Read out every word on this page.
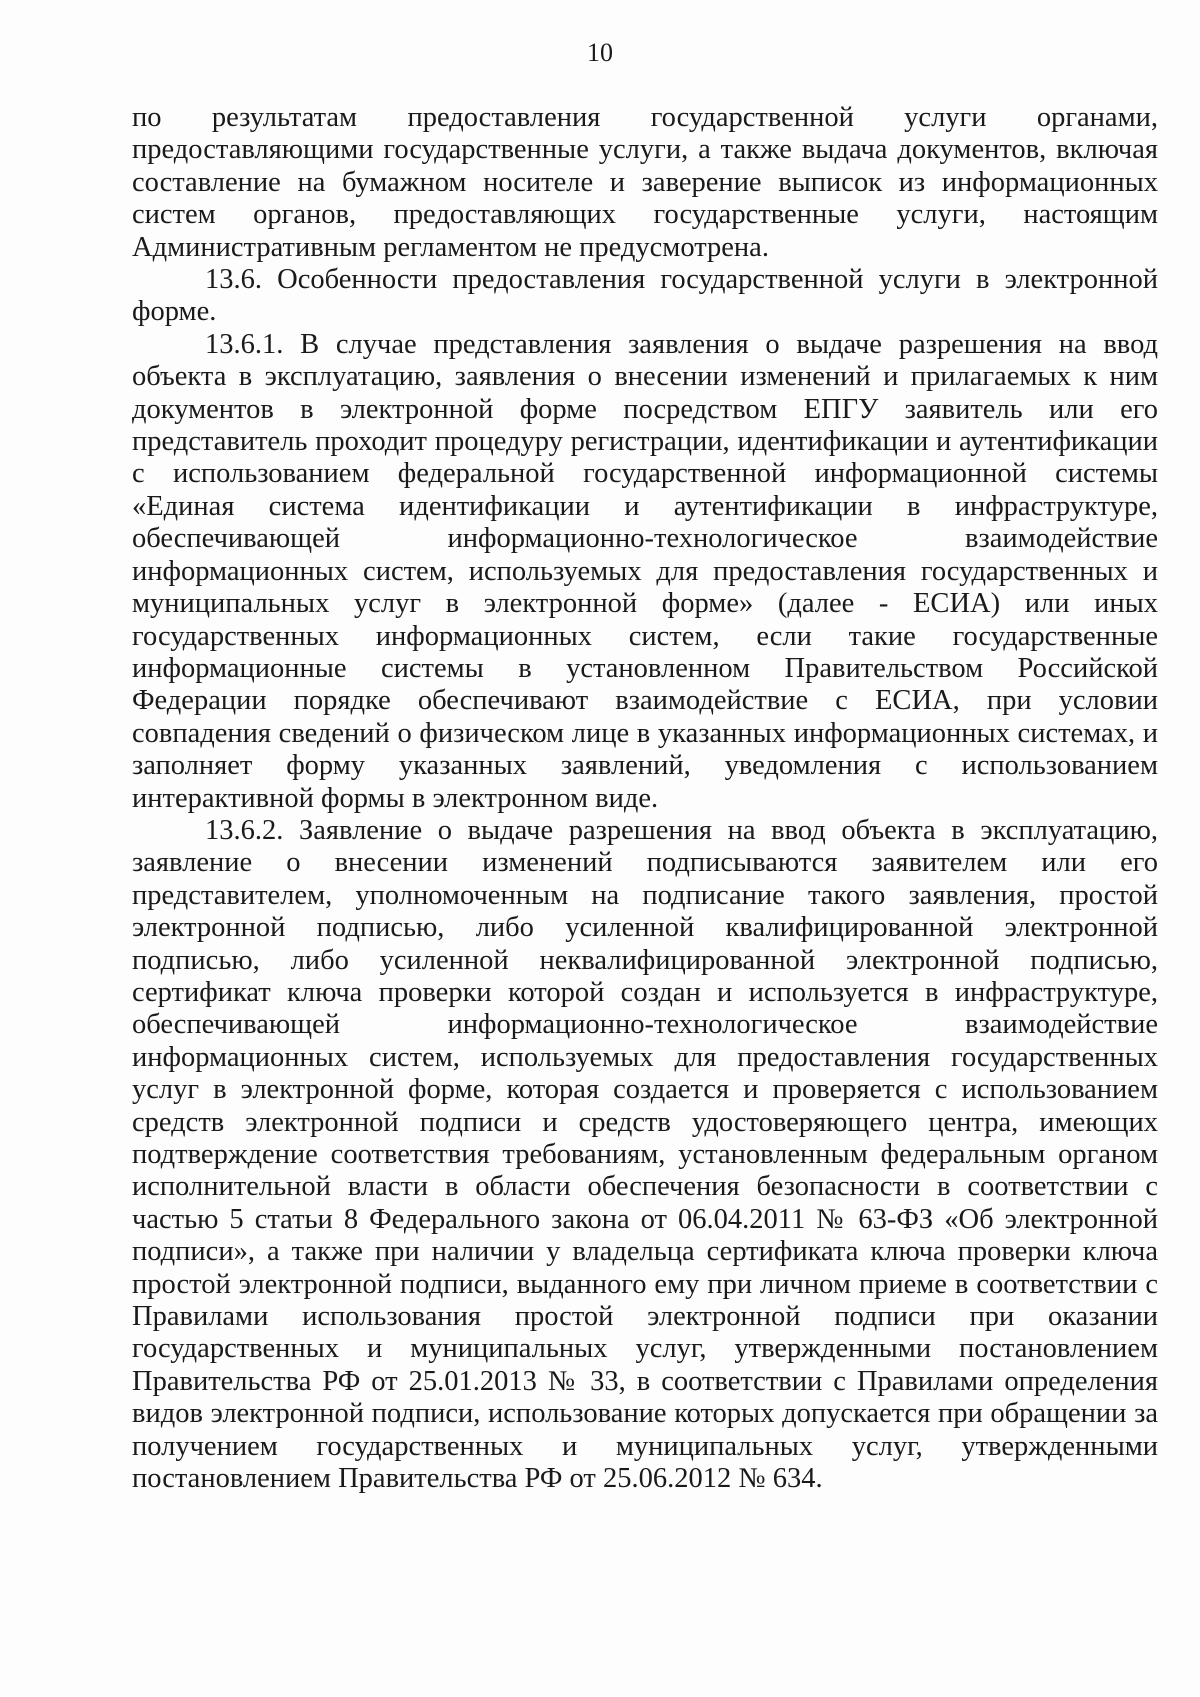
10

по результатам предоставления государственной услуги органами, предоставляющими государственные услуги, а также выдача документов, включая составление на бумажном носителе и заверение выписок из информационных систем органов, предоставляющих государственные услуги, настоящим Административным регламентом не предусмотрена.

13.6. Особенности предоставления государственной услуги в электронной форме.

13.6.1. В случае представления заявления о выдаче разрешения на ввод объекта в эксплуатацию, заявления о внесении изменений и прилагаемых к ним документов в электронной форме посредством ЕПГУ заявитель или его представитель проходит процедуру регистрации, идентификации и аутентификации с использованием федеральной государственной информационной системы «Единая система идентификации и аутентификации в инфраструктуре, обеспечивающей информационно-технологическое взаимодействие информационных систем, используемых для предоставления государственных и муниципальных услуг в электронной форме» (далее - ЕСИА) или иных государственных информационных систем, если такие государственные информационные системы в установленном Правительством Российской Федерации порядке обеспечивают взаимодействие с ЕСИА, при условии совпадения сведений о физическом лице в указанных информационных системах, и заполняет форму указанных заявлений, уведомления с использованием интерактивной формы в электронном виде.

13.6.2. Заявление о выдаче разрешения на ввод объекта в эксплуатацию, заявление о внесении изменений подписываются заявителем или его представителем, уполномоченным на подписание такого заявления, простой электронной подписью, либо усиленной квалифицированной электронной подписью, либо усиленной неквалифицированной электронной подписью, сертификат ключа проверки которой создан и используется в инфраструктуре, обеспечивающей информационно-технологическое взаимодействие информационных систем, используемых для предоставления государственных услуг в электронной форме, которая создается и проверяется с использованием средств электронной подписи и средств удостоверяющего центра, имеющих подтверждение соответствия требованиям, установленным федеральным органом исполнительной власти в области обеспечения безопасности в соответствии с частью 5 статьи 8 Федерального закона от 06.04.2011 № 63-ФЗ «Об электронной подписи», а также при наличии у владельца сертификата ключа проверки ключа простой электронной подписи, выданного ему при личном приеме в соответствии с Правилами использования простой электронной подписи при оказании государственных и муниципальных услуг, утвержденными постановлением Правительства РФ от 25.01.2013 № 33, в соответствии с Правилами определения видов электронной подписи, использование которых допускается при обращении за получением государственных и муниципальных услуг, утвержденными постановлением Правительства РФ от 25.06.2012 № 634.
